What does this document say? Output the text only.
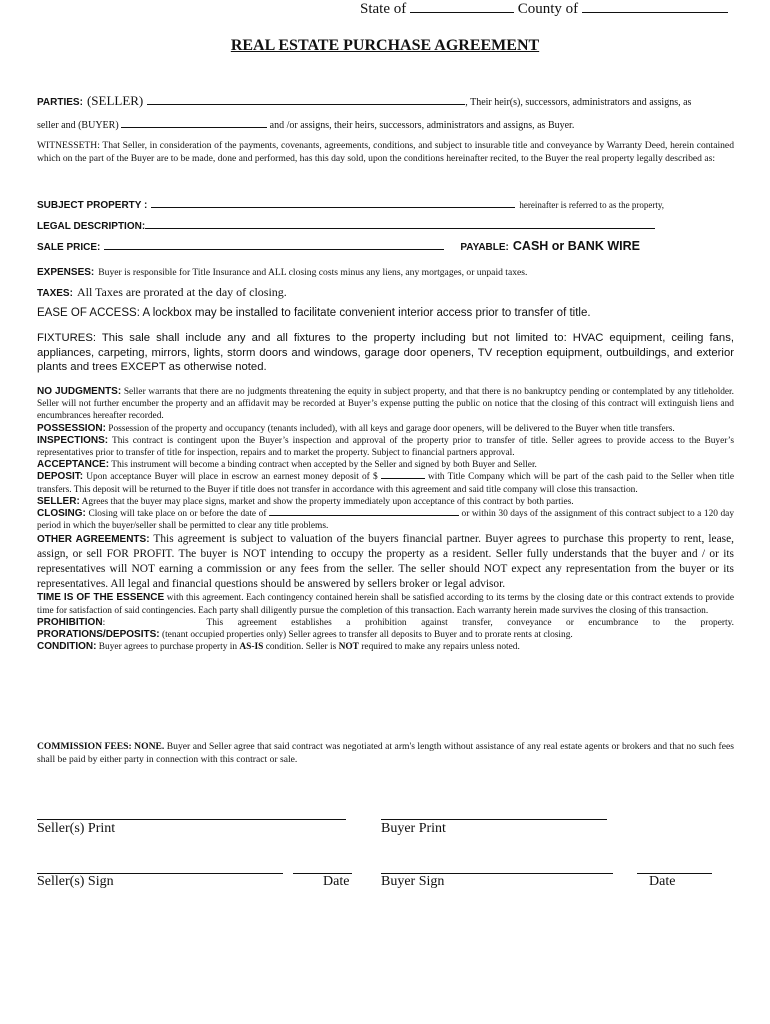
State of	County of
REAL ESTATE PURCHASE AGREEMENT
PARTIES: (SELLER)	, Their heir(s), successors, administrators and assigns, as
seller and (BUYER)	and /or assigns, their heirs, successors, administrators and assigns, as Buyer.

WITNESSETH: That Seller, in consideration of the payments, covenants, agreements, conditions, and subject to insurable title and conveyance by Warranty Deed, herein contained which on the part of the Buyer are to be made, done and performed, has this day sold, upon the conditions hereinafter recited, to the Buyer the real property legally described as:

SUBJECT PROPERTY :	hereinafter is referred to as the property,
LEGAL DESCRIPTION:
SALE PRICE:	PAYABLE: CASH or BANK WIRE
EXPENSES: Buyer is responsible for Title Insurance and ALL closing costs minus any liens, any mortgages, or unpaid taxes.
TAXES: All Taxes are prorated at the day of closing.
EASE OF ACCESS: A lockbox may be installed to facilitate convenient interior access prior to transfer of title.

FIXTURES: This sale shall include any and all fixtures to the property including but not limited to: HVAC equipment, ceiling fans, appliances, carpeting, mirrors, lights, storm doors and windows, garage door openers, TV reception equipment, outbuildings, and exterior plants and trees EXCEPT as otherwise noted.

NO JUDGMENTS: Seller warrants that there are no judgments threatening the equity in subject property, and that there is no bankruptcy pending or contemplated by any titleholder. Seller will not further encumber the property and an affidavit may be recorded at Buyer’s expense putting the public on notice that the closing of this contract will extinguish liens and encumbrances hereafter recorded.

POSSESSION: Possession of the property and occupancy (tenants included), with all keys and garage door openers, will be delivered to the Buyer when title transfers.

INSPECTIONS: This contract is contingent upon the Buyer’s inspection and approval of the property prior to transfer of title. Seller agrees to provide access to the Buyer’s representatives prior to transfer of title for inspection, repairs and to market the property. Subject to financial partners approval.

ACCEPTANCE: This instrument will become a binding contract when accepted by the Seller and signed by both Buyer and Seller.

DEPOSIT: Upon acceptance Buyer will place in escrow an earnest money deposit of $	with Title Company which will be part of the cash paid to the Seller when title transfers. This deposit will be returned to the Buyer if title does not transfer in accordance with this agreement and said title company will close this transaction.

SELLER: Agrees that the buyer may place signs, market and show the property immediately upon acceptance of this contract by both parties.

CLOSING: Closing will take place on or before the date of	or within 30 days of the assignment of this contract subject to a 120 day period in which the buyer/seller shall be permitted to clear any title problems.

OTHER AGREEMENTS: This agreement is subject to valuation of the buyers financial partner. Buyer agrees to purchase this property to rent, lease, assign, or sell FOR PROFIT. The buyer is NOT intending to occupy the property as a resident. Seller fully understands that the buyer and / or its representatives will NOT earning a commission or any fees from the seller. The seller should NOT expect any representation from the buyer or its representatives. All legal and financial questions should be answered by sellers broker or legal advisor.

TIME IS OF THE ESSENCE with this agreement. Each contingency contained herein shall be satisfied according to its terms by the closing date or this contract extends to provide time for satisfaction of said contingencies. Each party shall diligently pursue the completion of this transaction. Each warranty herein made survives the closing of this transaction.

PROHIBITION:       This agreement establishes a prohibition against transfer, conveyance or encumbrance to the property.

PRORATIONS/DEPOSITS: (tenant occupied properties only) Seller agrees to transfer all deposits to Buyer and to prorate rents at closing.

CONDITION: Buyer agrees to purchase property in AS-IS condition. Seller is NOT required to make any repairs unless noted.

COMMISSION FEES: NONE. Buyer and Seller agree that said contract was negotiated at arm's length without assistance of any real estate agents or brokers and that no such fees shall be paid by either party in connection with this contract or sale.

Seller(s) Print	Buyer Print
Seller(s) Sign	Date Buyer Sign	Date
